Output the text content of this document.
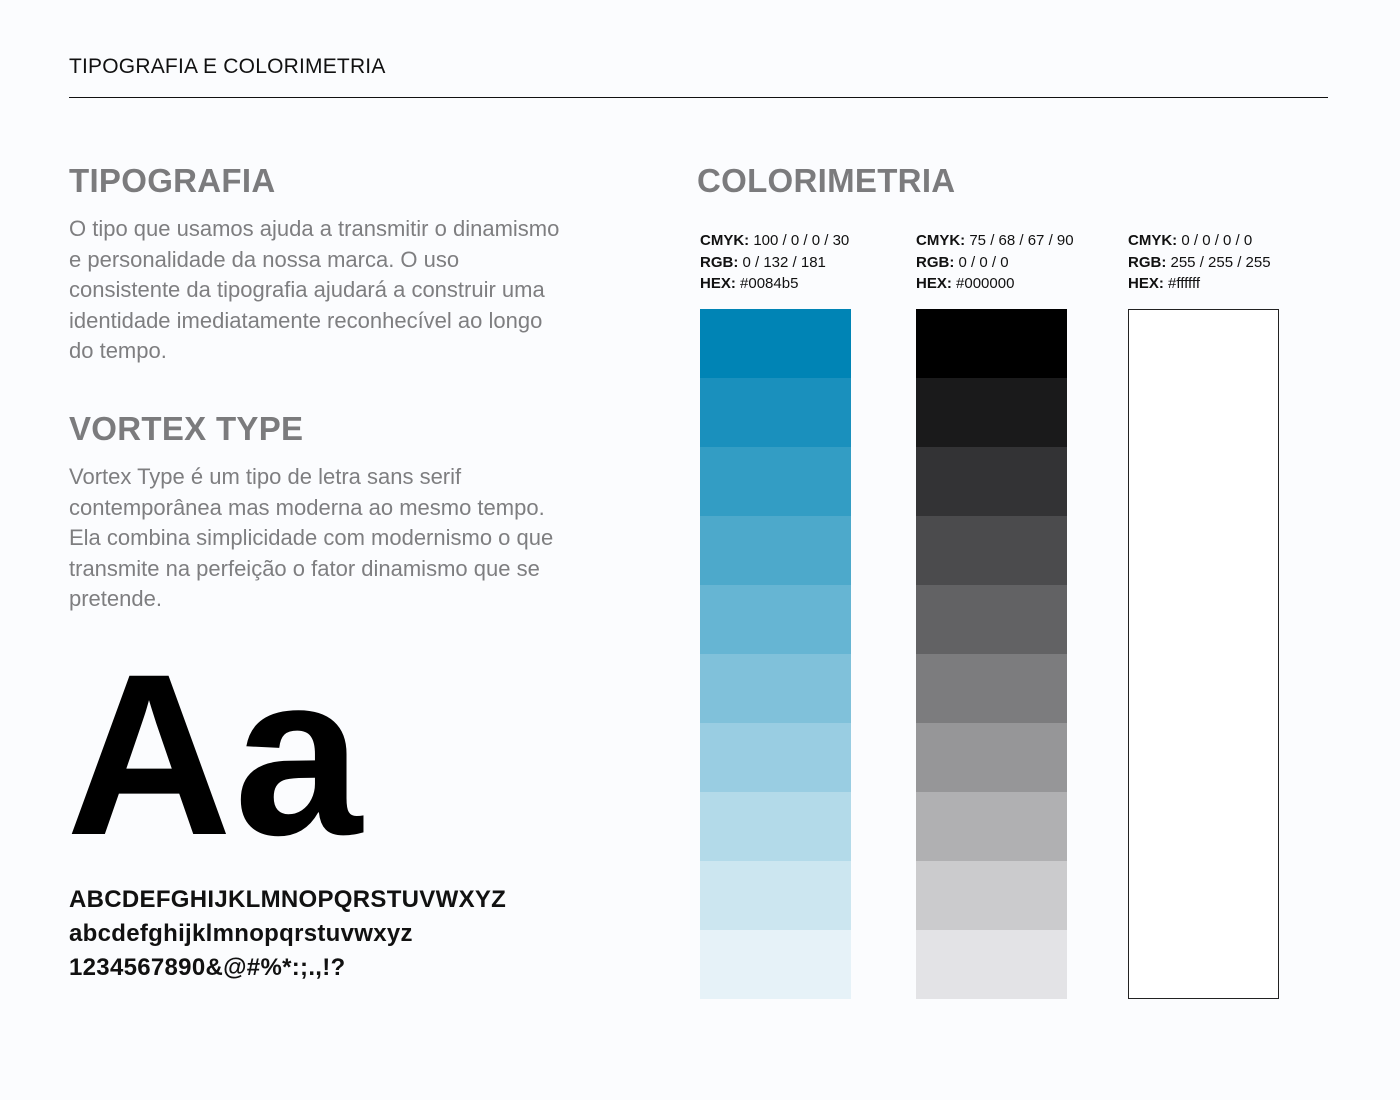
TIPOGRAFIA E COLORIMETRIA
TIPOGRAFIA
O tipo que usamos ajuda a transmitir o dinamismo e personalidade da nossa marca. O uso consistente da tipografia ajudará a construir uma identidade imediatamente reconhecível ao longo do tempo.
VORTEX TYPE
Vortex Type é um tipo de letra sans serif contemporânea mas moderna ao mesmo tempo. Ela combina simplicidade com modernismo o que transmite na perfeição o fator dinamismo que se pretende.
Aa
ABCDEFGHIJKLMNOPQRSTUVWXYZ
abcdefghijklmnopqrstuvwxyz
1234567890&@#%*:;.,!?
COLORIMETRIA
CMYK: 100 / 0 / 0 / 30
RGB: 0 / 132 / 181
HEX: #0084b5
CMYK: 75 / 68 / 67 / 90
RGB: 0 / 0 / 0
HEX: #000000
CMYK: 0 / 0 / 0 / 0
RGB: 255 / 255 / 255
HEX: #ffffff
